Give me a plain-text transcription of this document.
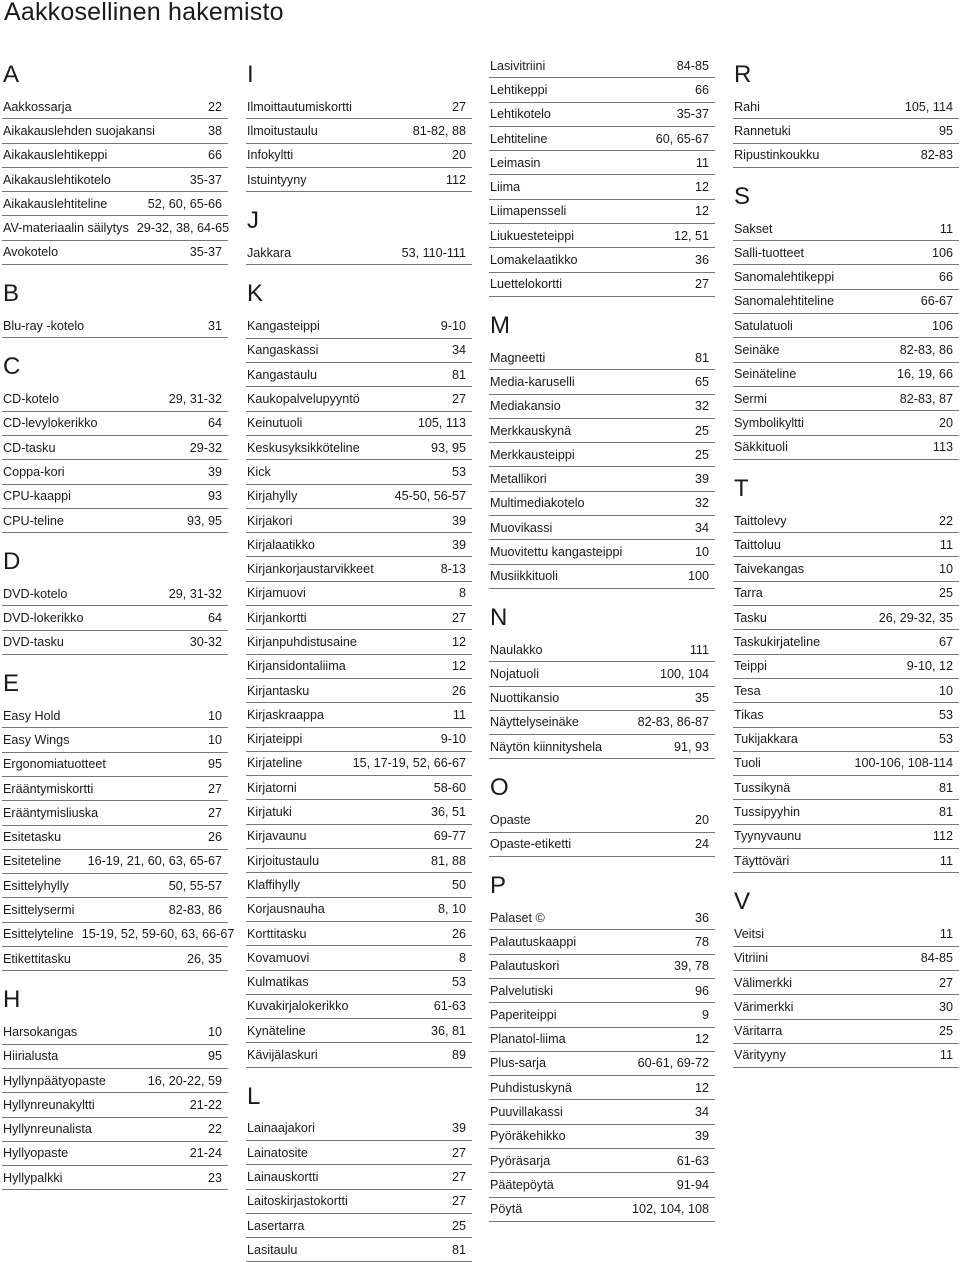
Aakkosellinen hakemisto
A
Aakkossarja	22
Aikakauslehden suojakansi	38
Aikakauslehtikeppi	66
Aikakauslehtikotelo	35-37
Aikakauslehtiteline	52, 60, 65-66
AV-materiaalin säilytys 29-32, 38, 64-65
Avokotelo	35-37
B
Blu-ray -kotelo	31
C
CD-kotelo	29, 31-32
CD-levylokerikko	64
CD-tasku	29-32
Coppa-kori	39
CPU-kaappi	93
CPU-teline	93, 95
D
DVD-kotelo	29, 31-32
DVD-lokerikko	64
DVD-tasku	30-32
E
Easy Hold	10
Easy Wings	10
Ergonomiatuotteet	95
Erääntymiskortti	27
Erääntymisliuska	27
Esitetasku	26
Esiteteline 16-19, 21, 60, 63, 65-67
Esittelyhylly	50, 55-57
Esittelysermi	82-83, 86
Esittelyteline 15-19, 52, 59-60, 63, 66-67
Etikettitasku	26, 35
H
Harsokangas	10
Hiirialusta	95
Hyllynpäätyopaste	16, 20-22, 59
Hyllynreunakyltti	21-22
Hyllynreunalista	22
Hyllyopaste	21-24
Hyllypalkki	23
I
Ilmoittautumiskortti	27
Ilmoitustaulu	81-82, 88
Infokyltti	20
Istuintyyny	112
J
Jakkara	53, 110-111
K
Kangasteippi	9-10
Kangaskassi	34
Kangastaulu	81
Kaukopalvelupyyntö	27
Keinutuoli	105, 113
Keskusyksikköteline	93, 95
Kick	53
Kirjahylly	45-50, 56-57
Kirjakori	39
Kirjalaatikko	39
Kirjankorjaustarvikkeet	8-13
Kirjamuovi	8
Kirjankortti	27
Kirjanpuhdistusaine	12
Kirjansidontaliima	12
Kirjantasku	26
Kirjaskraappa	11
Kirjateippi	9-10
Kirjateline	15, 17-19, 52, 66-67
Kirjatorni	58-60
Kirjatuki	36, 51
Kirjavaunu	69-77
Kirjoitustaulu	81, 88
Klaffihylly	50
Korjausnauha	8, 10
Korttitasku	26
Kovamuovi	8
Kulmatikas	53
Kuvakirjalokerikko	61-63
Kynäteline	36, 81
Kävijälaskuri	89
L
Lainaajakori	39
Lainatosite	27
Lainauskortti	27
Laitoskirjastokortti	27
Lasertarra	25
Lasitaulu	81
Lasivitriini	84-85
Lehtikeppi	66
Lehtikotelo	35-37
Lehtiteline	60, 65-67
Leimasin	11
Liima	12
Liimapensseli	12
Liukuesteteippi	12, 51
Lomakelaatikko	36
Luettelokortti	27
M
Magneetti	81
Media-karuselli	65
Mediakansio	32
Merkkauskynä	25
Merkkausteippi	25
Metallikori	39
Multimediakotelo	32
Muovikassi	34
Muovitettu kangasteippi	10
Musiikkituoli	100
N
Naulakko	111
Nojatuoli	100, 104
Nuottikansio	35
Näyttelyseinäke	82-83, 86-87
Näytön kiinnityshela	91, 93
O
Opaste	20
Opaste-etiketti	24
P
Palaset ©	36
Palautuskaappi	78
Palautuskori	39, 78
Palvelutiski	96
Paperiteippi	9
Planatol-liima	12
Plus-sarja	60-61, 69-72
Puhdistuskynä	12
Puuvillakassi	34
Pyöräkehikko	39
Pyöräsarja	61-63
Päätepöytä	91-94
Pöytä	102, 104, 108
R
Rahi	105, 114
Rannetuki	95
Ripustinkoukku	82-83
S
Sakset	11
Salli-tuotteet	106
Sanomalehtikeppi	66
Sanomalehtiteline	66-67
Satulatuoli	106
Seinäke	82-83, 86
Seinäteline	16, 19, 66
Sermi	82-83, 87
Symbolikyltti	20
Säkkituoli	113
T
Taittolevy	22
Taittoluu	11
Taivekangas	10
Tarra	25
Tasku	26, 29-32, 35
Taskukirjateline	67
Teippi	9-10, 12
Tesa	10
Tikas	53
Tukijakkara	53
Tuoli	100-106, 108-114
Tussikynä	81
Tussipyyhin	81
Tyynyvaunu	112
Täyttöväri	11
V
Veitsi	11
Vitriini	84-85
Välimerkki	27
Värimerkki	30
Väritarra	25
Värityyny	11
